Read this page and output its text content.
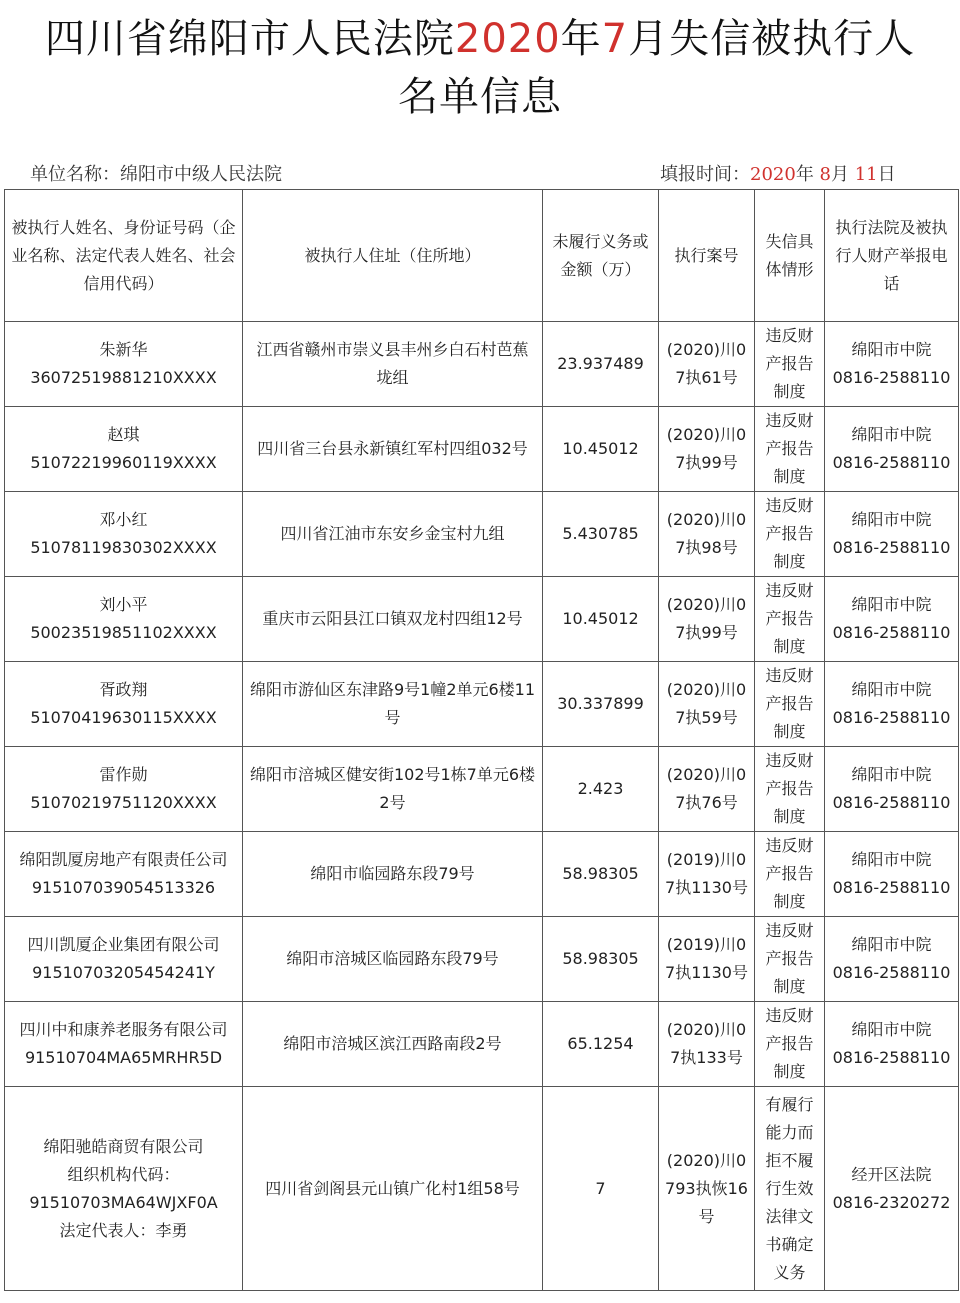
四川省绵阳市人民法院2020年7月失信被执行人
名单信息
单位名称：绵阳市中级人民法院	填报时间：2020年 8月 11日
被执行人姓名、身份证号码（企业名称、法定代表人姓名、社会信用代码）	被执行人住址（住所地）	未履行义务或金额（万）	执行案号	失信具体情形	执行法院及被执行人财产举报电话

朱新华
36072519881210XXXX	江西省赣州市崇义县丰州乡白石村芭蕉垅组	23.937489	(2020)川07执61号	违反财产报告制度	绵阳市中院
0816-2588110

赵琪
51072219960119XXXX	四川省三台县永新镇红军村四组032号	10.45012	(2020)川07执99号	违反财产报告制度	绵阳市中院
0816-2588110

邓小红
51078119830302XXXX	四川省江油市东安乡金宝村九组	5.430785	(2020)川07执98号	违反财产报告制度	绵阳市中院
0816-2588110

刘小平
50023519851102XXXX	重庆市云阳县江口镇双龙村四组12号	10.45012	(2020)川07执99号	违反财产报告制度	绵阳市中院
0816-2588110

胥政翔
51070419630115XXXX	绵阳市游仙区东津路9号1幢2单元6楼11号	30.337899	(2020)川07执59号	违反财产报告制度	绵阳市中院
0816-2588110

雷作勋
51070219751120XXXX	绵阳市涪城区健安街102号1栋7单元6楼2号	2.423	(2020)川07执76号	违反财产报告制度	绵阳市中院
0816-2588110

绵阳凯厦房地产有限责任公司
915107039054513326	绵阳市临园路东段79号	58.98305	(2019)川07执1130号	违反财产报告制度	绵阳市中院
0816-2588110

四川凯厦企业集团有限公司
91510703205454241Y	绵阳市涪城区临园路东段79号	58.98305	(2019)川07执1130号	违反财产报告制度	绵阳市中院
0816-2588110

四川中和康养老服务有限公司
91510704MA65MRHR5D	绵阳市涪城区滨江西路南段2号	65.1254	(2020)川07执133号	违反财产报告制度	绵阳市中院
0816-2588110

绵阳驰皓商贸有限公司
组织机构代码：
91510703MA64WJXF0A
法定代表人：李勇	四川省剑阁县元山镇广化村1组58号	7	(2020)川0793执恢16号	有履行能力而拒不履行生效法律文书确定义务	经开区法院
0816-2320272
